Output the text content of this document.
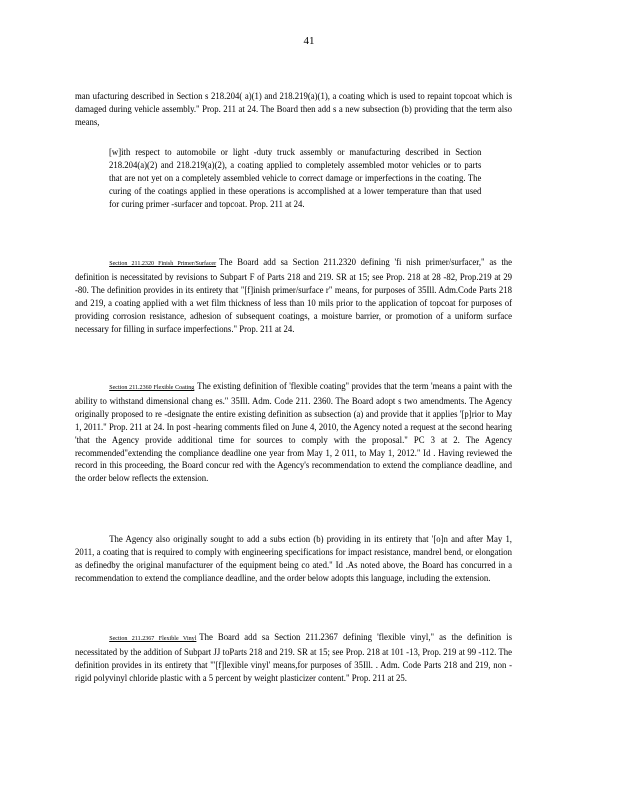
41

man ufacturing described in Section s 218.204( a)(1) and 218.219(a)(1), a coating which is used to repaint topcoat which is damaged during vehicle assembly." Prop. 211 at 24. The Board then add s a new subsection (b) providing that the term also means,

[w]ith respect to automobile or light -duty truck assembly or manufacturing described in Section 218.204(a)(2) and 218.219(a)(2), a coating applied to completely assembled motor vehicles or to parts that are not yet on a completely assembled vehicle to correct damage or imperfections in the coating. The curing of the coatings applied in these operations is accomplished at a lower temperature than that used for curing primer -surfacer and topcoat. Prop. 211 at 24.

Section 211.2320 Finish Primer/Surfacer The Board add sa Section 211.2320 defining 'fi nish primer/surfacer," as the definition is necessitated by revisions to Subpart F of Parts 218 and 219. SR at 15; see Prop. 218 at 28 -82, Prop.219 at 29 -80. The definition provides in its entirety that "[f]inish primer/surface r" means, for purposes of 35Ill. Adm.Code Parts 218 and 219, a coating applied with a wet film thickness of less than 10 mils prior to the application of topcoat for purposes of providing corrosion resistance, adhesion of subsequent coatings, a moisture barrier, or promotion of a uniform surface necessary for filling in surface imperfections." Prop. 211 at 24.

Section 211.2360 Flexible Coating The existing definition of 'flexible coating" provides that the term 'means a paint with the ability to withstand dimensional chang es." 35Ill. Adm. Code 211. 2360. The Board adopt s two amendments. The Agency originally proposed to re -designate the entire existing definition as subsection (a) and provide that it applies '[p]rior to May 1, 2011." Prop. 211 at 24. In post -hearing comments filed on June 4, 2010, the Agency noted a request at the second hearing 'that the Agency provide additional time for sources to comply with the proposal." PC 3 at 2. The Agency recommended"extending the compliance deadline one year from May 1, 2 011, to May 1, 2012." Id . Having reviewed the record in this proceeding, the Board concur red with the Agency's recommendation to extend the compliance deadline, and the order below reflects the extension.

The Agency also originally sought to add a subs ection (b) providing in its entirety that '[o]n and after May 1, 2011, a coating that is required to comply with engineering specifications for impact resistance, mandrel bend, or elongation as definedby the original manufacturer of the equipment being co ated." Id .As noted above, the Board has concurred in a recommendation to extend the compliance deadline, and the order below adopts this language, including the extension.

Section 211.2367 Flexible Vinyl The Board add sa Section 211.2367 defining 'flexible vinyl," as the definition is necessitated by the addition of Subpart JJ toParts 218 and 219. SR at 15; see Prop. 218 at 101 -13, Prop. 219 at 99 -112. The definition provides in its entirety that '"[f]lexible vinyl' means,for purposes of 35Ill. . Adm. Code Parts 218 and 219, non -rigid polyvinyl chloride plastic with a 5 percent by weight plasticizer content." Prop. 211 at 25.
